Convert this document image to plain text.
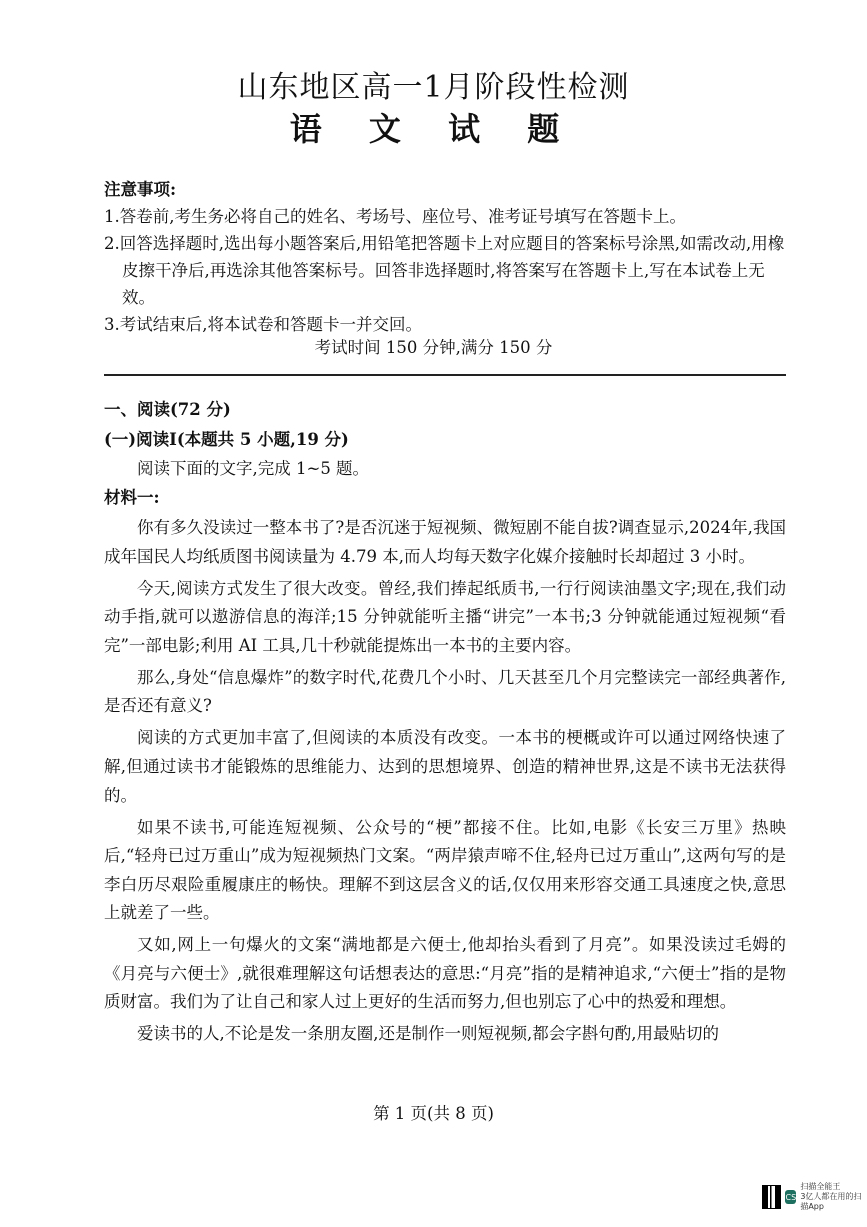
山东地区高一1月阶段性检测
语 文 试 题
注意事项:
1.答卷前,考生务必将自己的姓名、考场号、座位号、准考证号填写在答题卡上。
2.回答选择题时,选出每小题答案后,用铅笔把答题卡上对应题目的答案标号涂黑,如需改动,用橡皮擦干净后,再选涂其他答案标号。回答非选择题时,将答案写在答题卡上,写在本试卷上无效。
3.考试结束后,将本试卷和答题卡一并交回。
考试时间 150 分钟,满分 150 分
一、阅读(72 分)
(一)阅读Ⅰ(本题共 5 小题,19 分)
阅读下面的文字,完成 1~5 题。
材料一:

你有多久没读过一整本书了?是否沉迷于短视频、微短剧不能自拔?调查显示,2024年,我国成年国民人均纸质图书阅读量为 4.79 本,而人均每天数字化媒介接触时长却超过 3 小时。

今天,阅读方式发生了很大改变。曾经,我们捧起纸质书,一行行阅读油墨文字;现在,我们动动手指,就可以遨游信息的海洋;15 分钟就能听主播“讲完”一本书;3 分钟就能通过短视频“看完”一部电影;利用 AI 工具,几十秒就能提炼出一本书的主要内容。

那么,身处“信息爆炸”的数字时代,花费几个小时、几天甚至几个月完整读完一部经典著作,是否还有意义?

阅读的方式更加丰富了,但阅读的本质没有改变。一本书的梗概或许可以通过网络快速了解,但通过读书才能锻炼的思维能力、达到的思想境界、创造的精神世界,这是不读书无法获得的。

如果不读书,可能连短视频、公众号的“梗”都接不住。比如,电影《长安三万里》热映后,“轻舟已过万重山”成为短视频热门文案。“两岸猿声啼不住,轻舟已过万重山”,这两句写的是李白历尽艰险重履康庄的畅快。理解不到这层含义的话,仅仅用来形容交通工具速度之快,意思上就差了一些。

又如,网上一句爆火的文案“满地都是六便士,他却抬头看到了月亮”。如果没读过毛姆的《月亮与六便士》,就很难理解这句话想表达的意思:“月亮”指的是精神追求,“六便士”指的是物质财富。我们为了让自己和家人过上更好的生活而努力,但也别忘了心中的热爱和理想。

爱读书的人,不论是发一条朋友圈,还是制作一则短视频,都会字斟句酌,用最贴切的

第 1 页(共 8 页)
CS
扫描全能王
3亿人都在用的扫描App
